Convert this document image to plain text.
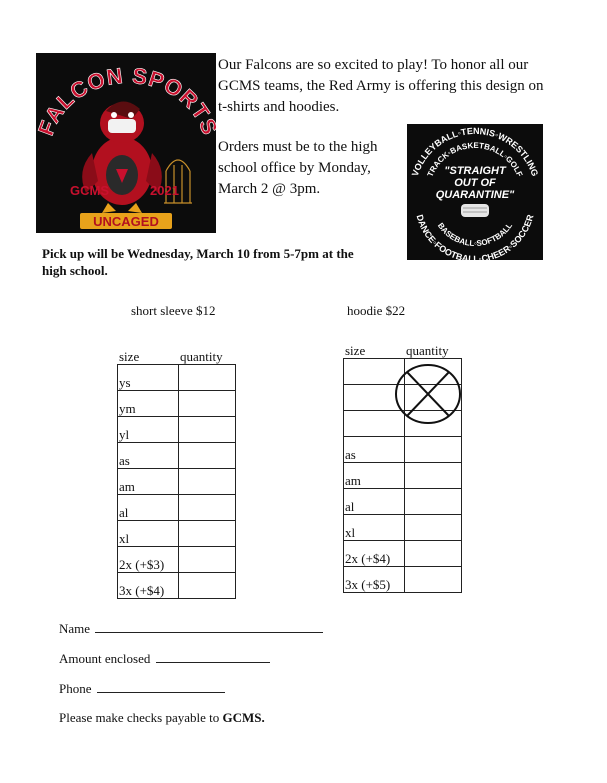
ALCON SPORT
GCMS	2021
UNCAGED
Our Falcons are so excited to play! To honor all our GCMS teams, the Red Army is offering this design on t-shirts and hoodies.
Orders must be to the high school office by Monday, March 2 @ 3pm.
VOLLEYBALL◦TENNIS◦WRESTLING
TRACK◦BASKETBALL◦GOLF
"STRAIGHT
OUT OF
QUARANTINE"
BASEBALL◦SOFTBALL
DANCE◦FOOTBALL◦CHEER◦SOCCER
Pick up will be Wednesday, March 10 from 5-7pm at the high school.
short sleeve $12
size	quantity
ys	
ym	
yl	
as	
am	
al	
xl	
2x (+$3)	
3x (+$4)	
hoodie $22
size	quantity

as	
am	
al	
xl	
2x (+$4)	
3x (+$5)	
Name
Amount enclosed
Phone
Please make checks payable to GCMS.
